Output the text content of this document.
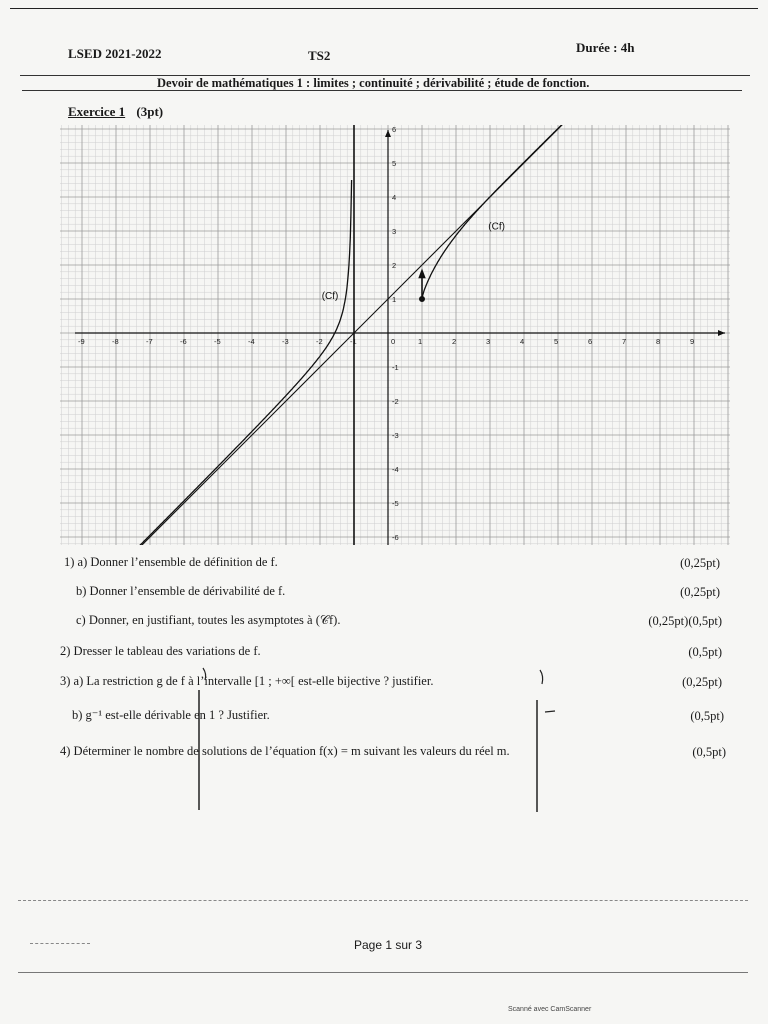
LSED 2021-2022	TS2
Durée : 4h
Devoir de mathématiques 1 : limites ; continuité ; dérivabilité ; étude de fonction.
Exercice 1 (3pt)
-9	-8	-7	-6	-5	-4	-3	-2	-1	0	1	2	3	4	5	6	7	8	9
6
5
4
3
2
1
-1
-2
-3
-4
-5
-6
(Cf)
(Cf)
1) a) Donner l’ensemble de définition de f.	(0,25pt)
b) Donner l’ensemble de dérivabilité de f.	(0,25pt)
c) Donner, en justifiant, toutes les asymptotes à (𝒞f).	(0,25pt)(0,5pt)
2) Dresser le tableau des variations de f.	(0,5pt)
3) a) La restriction g de f à l’intervalle [1 ; +∞[ est-elle bijective ? justifier.	(0,25pt)
b) g⁻¹ est-elle dérivable en 1 ? Justifier.	(0,5pt)
4) Déterminer le nombre de solutions de l’équation f(x) = m suivant les valeurs du réel m.	(0,5pt)
Page 1 sur 3
Scanné avec CamScanner
